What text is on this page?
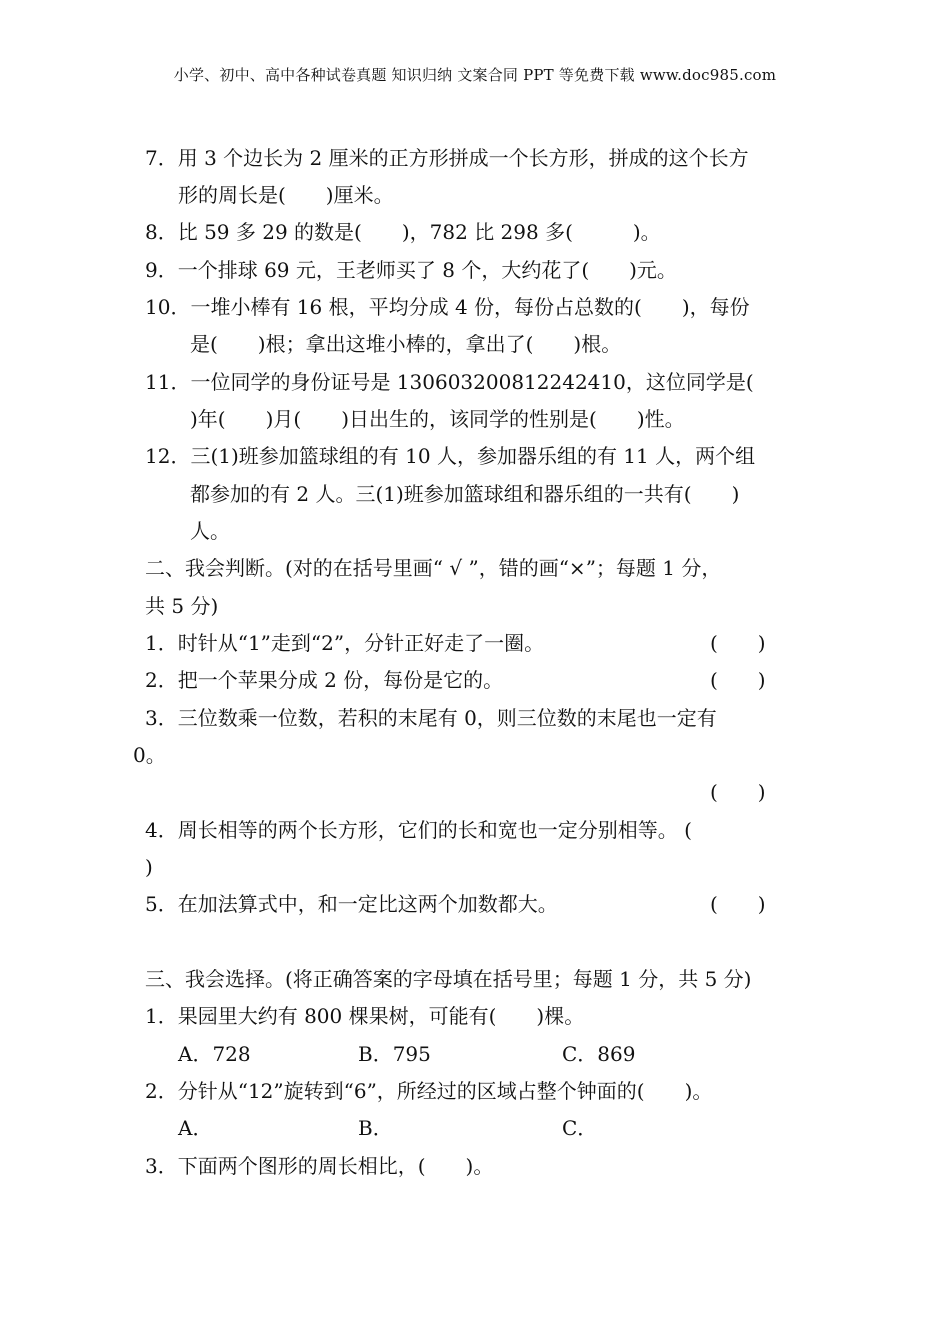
小学、初中、高中各种试卷真题 知识归纳 文案合同 PPT 等免费下载 www.doc985.com
7．用 3 个边长为 2 厘米的正方形拼成一个长方形，拼成的这个长方
形的周长是(　　)厘米。
8．比 59 多 29 的数是(　　)，782 比 298 多(　　　)。
9．一个排球 69 元，王老师买了 8 个，大约花了(　　)元。
10．一堆小棒有 16 根，平均分成 4 份，每份占总数的(　　)，每份
是(　　)根；拿出这堆小棒的，拿出了(　　)根。
11．一位同学的身份证号是 130603200812242410，这位同学是(
)年(　　)月(　　)日出生的，该同学的性别是(　　)性。
12．三(1)班参加篮球组的有 10 人，参加器乐组的有 11 人，两个组
都参加的有 2 人。三(1)班参加篮球组和器乐组的一共有(　　)
人。
二、我会判断。(对的在括号里画“ √ ”，错的画“×”；每题 1 分，
共 5 分)
1．时针从“1”走到“2”，分针正好走了一圈。	(　　)
2．把一个苹果分成 2 份，每份是它的。	(　　)
3．三位数乘一位数，若积的末尾有 0，则三位数的末尾也一定有
0。
(　　)
4．周长相等的两个长方形，它们的长和宽也一定分别相等。 (
)
5．在加法算式中，和一定比这两个加数都大。	(　　)
三、我会选择。(将正确答案的字母填在括号里；每题 1 分，共 5 分)
1．果园里大约有 800 棵果树，可能有(　　)棵。
A．728	B．795	C．869
2．分针从“12”旋转到“6”，所经过的区域占整个钟面的(　　)。
A．	B．	C．
3．下面两个图形的周长相比，(　　)。
